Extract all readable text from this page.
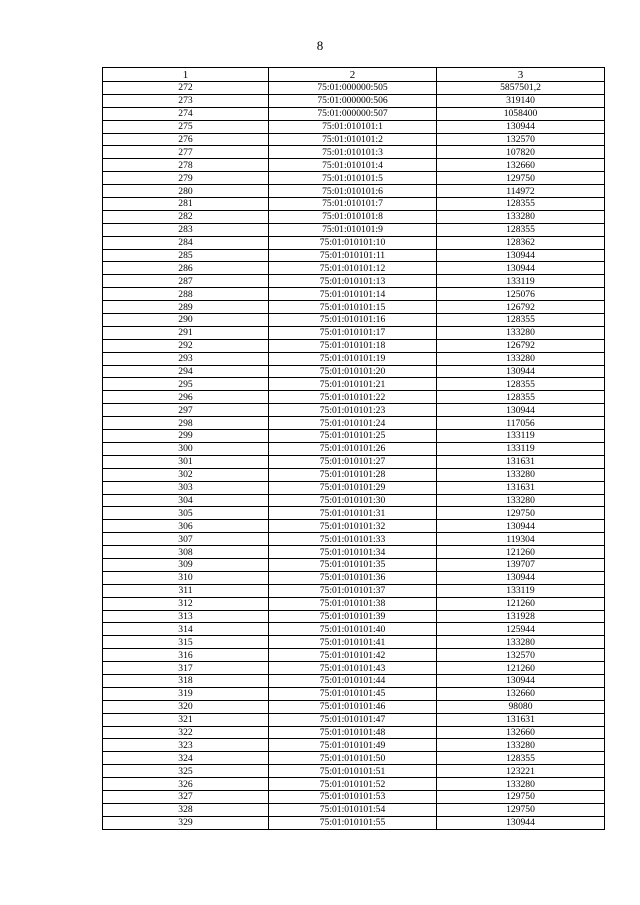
8
1	2	3
272	75:01:000000:505	5857501,2
273	75:01:000000:506	319140
274	75:01:000000:507	1058400
275	75:01:010101:1	130944
276	75:01:010101:2	132570
277	75:01:010101:3	107820
278	75:01:010101:4	132660
279	75:01:010101:5	129750
280	75:01:010101:6	114972
281	75:01:010101:7	128355
282	75:01:010101:8	133280
283	75:01:010101:9	128355
284	75:01:010101:10	128362
285	75:01:010101:11	130944
286	75:01:010101:12	130944
287	75:01:010101:13	133119
288	75:01:010101:14	125076
289	75:01:010101:15	126792
290	75:01:010101:16	128355
291	75:01:010101:17	133280
292	75:01:010101:18	126792
293	75:01:010101:19	133280
294	75:01:010101:20	130944
295	75:01:010101:21	128355
296	75:01:010101:22	128355
297	75:01:010101:23	130944
298	75:01:010101:24	117056
299	75:01:010101:25	133119
300	75:01:010101:26	133119
301	75:01:010101:27	131631
302	75:01:010101:28	133280
303	75:01:010101:29	131631
304	75:01:010101:30	133280
305	75:01:010101:31	129750
306	75:01:010101:32	130944
307	75:01:010101:33	119304
308	75:01:010101:34	121260
309	75:01:010101:35	139707
310	75:01:010101:36	130944
311	75:01:010101:37	133119
312	75:01:010101:38	121260
313	75:01:010101:39	131928
314	75:01:010101:40	125944
315	75:01:010101:41	133280
316	75:01:010101:42	132570
317	75:01:010101:43	121260
318	75:01:010101:44	130944
319	75:01:010101:45	132660
320	75:01:010101:46	98080
321	75:01:010101:47	131631
322	75:01:010101:48	132660
323	75:01:010101:49	133280
324	75:01:010101:50	128355
325	75:01:010101:51	123221
326	75:01:010101:52	133280
327	75:01:010101:53	129750
328	75:01:010101:54	129750
329	75:01:010101:55	130944
